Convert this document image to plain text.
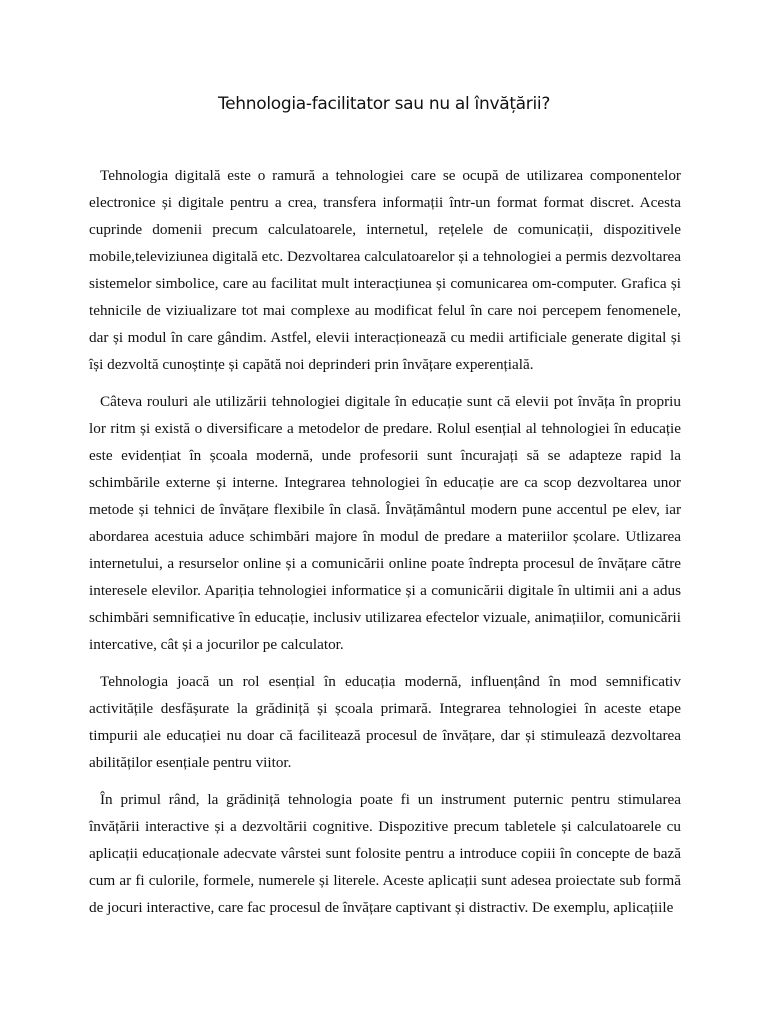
Tehnologia-facilitator sau nu al învățării?

Tehnologia digitală este o ramură a tehnologiei care se ocupă de utilizarea componentelor electronice și digitale pentru a crea, transfera informații într-un format format discret. Acesta cuprinde domenii precum calculatoarele, internetul, rețelele de comunicații, dispozitivele mobile,televiziunea digitală etc. Dezvoltarea calculatoarelor și a tehnologiei a permis dezvoltarea sistemelor simbolice, care au facilitat mult interacțiunea și comunicarea om-computer. Grafica și tehnicile de viziualizare tot mai complexe au modificat felul în care noi percepem fenomenele, dar și modul în care gândim. Astfel, elevii interacționează cu medii artificiale generate digital și își dezvoltă cunoștințe și capătă noi deprinderi prin învățare experențială.

Câteva rouluri ale utilizării tehnologiei digitale în educație sunt că elevii pot învăța în propriu lor ritm și există o diversificare a metodelor de predare. Rolul esențial al tehnologiei în educație este evidențiat în școala modernă, unde profesorii sunt încurajați să se adapteze rapid la schimbările externe și interne. Integrarea tehnologiei în educație are ca scop dezvoltarea unor metode și tehnici de învățare flexibile în clasă. Învățământul modern pune accentul pe elev, iar abordarea acestuia aduce schimbări majore în modul de predare a materiilor școlare. Utlizarea internetului, a resurselor online și a comunicării online poate îndrepta procesul de învățare către interesele elevilor. Apariția tehnologiei informatice și a comunicării digitale în ultimii ani a adus schimbări semnificative în educație, inclusiv utilizarea efectelor vizuale, animațiilor, comunicării intercative, cât și a jocurilor pe calculator.

Tehnologia joacă un rol esențial în educația modernă, influențând în mod semnificativ activitățile desfășurate la grădiniță și școala primară. Integrarea tehnologiei în aceste etape timpurii ale educației nu doar că facilitează procesul de învățare, dar și stimulează dezvoltarea abilităților esențiale pentru viitor.

În primul rând, la grădiniță tehnologia poate fi un instrument puternic pentru stimularea învățării interactive și a dezvoltării cognitive. Dispozitive precum tabletele și calculatoarele cu aplicații educaționale adecvate vârstei sunt folosite pentru a introduce copiii în concepte de bază cum ar fi culorile, formele, numerele și literele. Aceste aplicații sunt adesea proiectate sub formă de jocuri interactive, care fac procesul de învățare captivant și distractiv. De exemplu, aplicațiile
